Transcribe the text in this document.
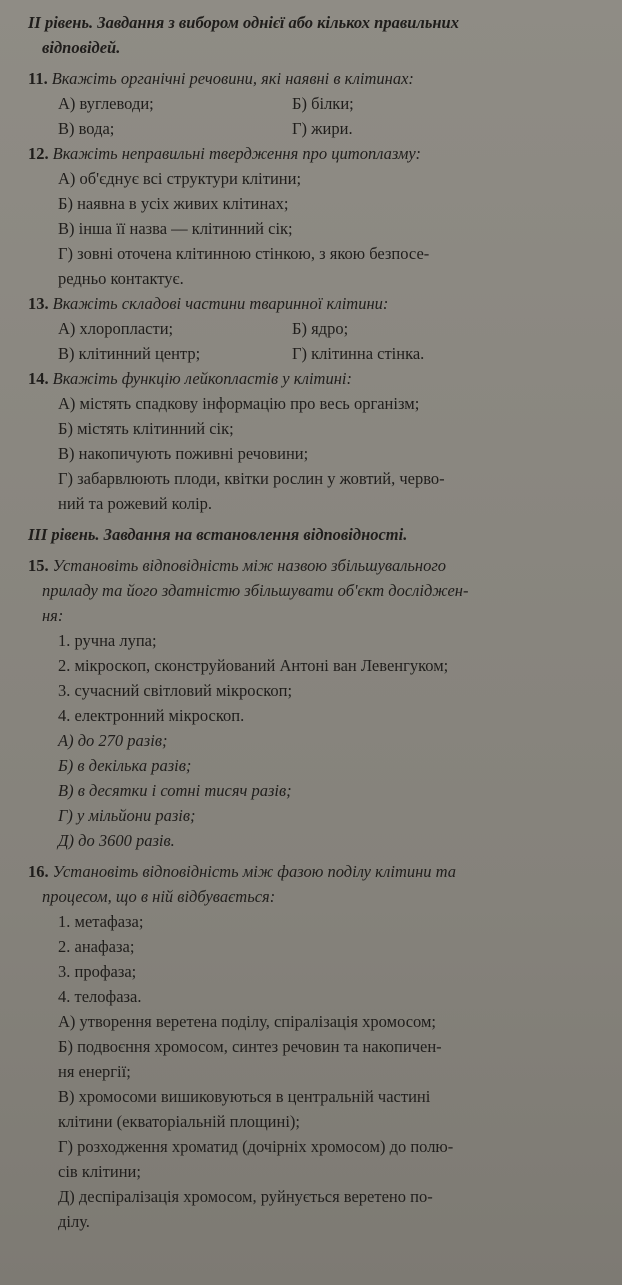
ІІ рівень. Завдання з вибором однієї або кількох правильних
відповідей.
11. Вкажіть органічні речовини, які наявні в клітинах:
А) вуглеводи;	Б) білки;
В) вода;	Г) жири.
12. Вкажіть неправильні твердження про цитоплазму:
А) об'єднує всі структури клітини;
Б) наявна в усіх живих клітинах;
В) інша її назва — клітинний сік;
Г) зовні оточена клітинною стінкою, з якою безпосе-
редньо контактує.
13. Вкажіть складові частини тваринної клітини:
А) хлоропласти;	Б) ядро;
В) клітинний центр;	Г) клітинна стінка.
14. Вкажіть функцію лейкопластів у клітині:
А) містять спадкову інформацію про весь організм;
Б) містять клітинний сік;
В) накопичують поживні речовини;
Г) забарвлюють плоди, квітки рослин у жовтий, черво-
ний та рожевий колір.
ІІІ рівень. Завдання на встановлення відповідності.
15. Установіть відповідність між назвою збільшувального
приладу та його здатністю збільшувати об'єкт досліджен-
ня:
1. ручна лупа;
2. мікроскоп, сконструйований Антоні ван Левенгуком;
3. сучасний світловий мікроскоп;
4. електронний мікроскоп.
А) до 270 разів;
Б) в декілька разів;
В) в десятки і сотні тисяч разів;
Г) у мільйони разів;
Д) до 3600 разів.
16. Установіть відповідність між фазою поділу клітини та
процесом, що в ній відбувається:
1. метафаза;
2. анафаза;
3. профаза;
4. телофаза.
А) утворення веретена поділу, спіралізація хромосом;
Б) подвоєння хромосом, синтез речовин та накопичен-
ня енергії;
В) хромосоми вишиковуються в центральній частині
клітини (екваторіальній площині);
Г) розходження хроматид (дочірніх хромосом) до полю-
сів клітини;
Д) деспіралізація хромосом, руйнується веретено по-
ділу.
